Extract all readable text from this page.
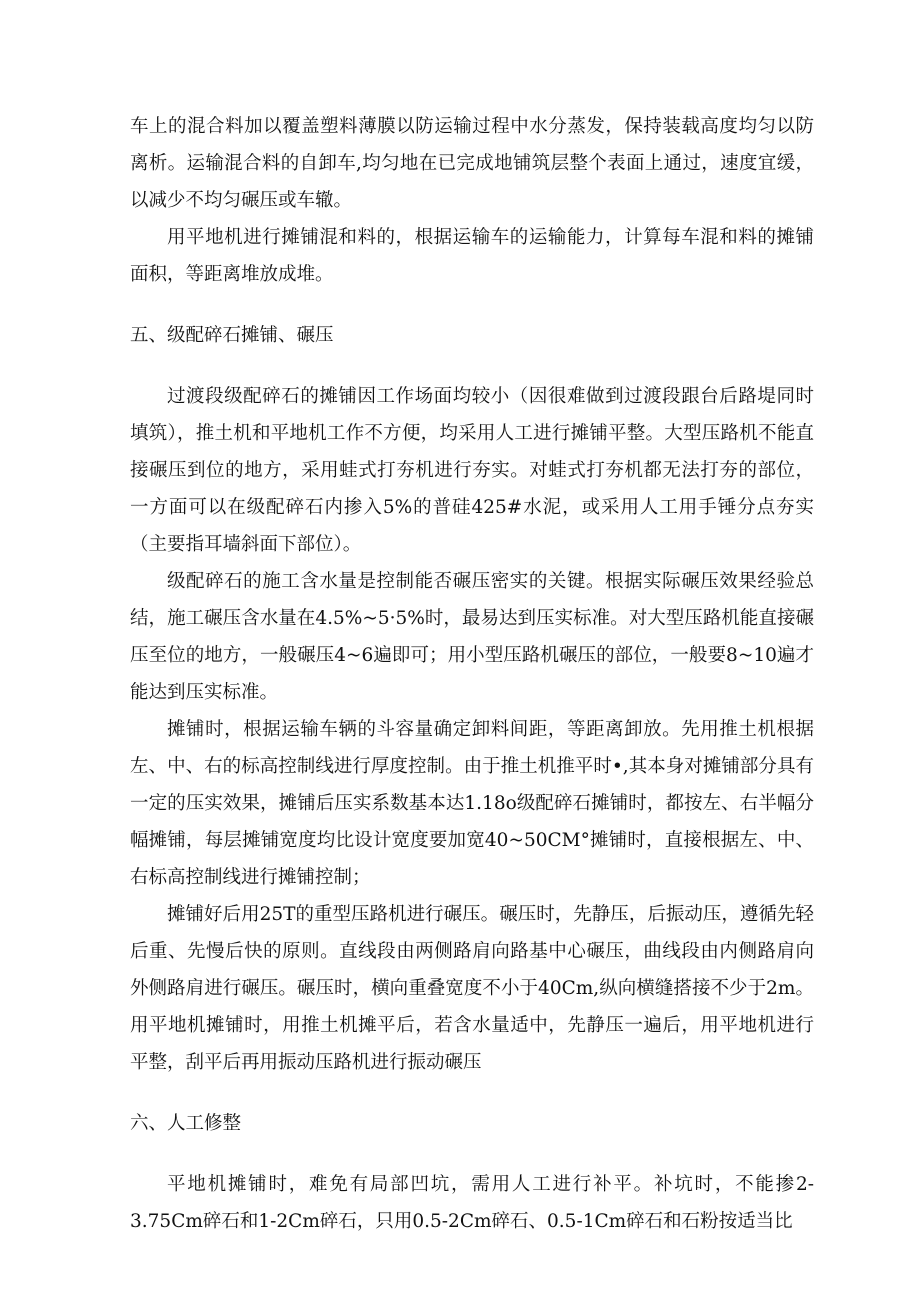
车上的混合料加以覆盖塑料薄膜以防运输过程中水分蒸发，保持装载高度均匀以防离析。运输混合料的自卸车,均匀地在已完成地铺筑层整个表面上通过，速度宜缓，以减少不均匀碾压或车辙。

用平地机进行摊铺混和料的，根据运输车的运输能力，计算每车混和料的摊铺面积，等距离堆放成堆。

五、级配碎石摊铺、碾压

过渡段级配碎石的摊铺因工作场面均较小（因很难做到过渡段跟台后路堤同时填筑），推土机和平地机工作不方便，均采用人工进行摊铺平整。大型压路机不能直接碾压到位的地方，采用蛙式打夯机进行夯实。对蛙式打夯机都无法打夯的部位，一方面可以在级配碎石内掺入5%的普硅425#水泥，或采用人工用手锤分点夯实（主要指耳墙斜面下部位）。

级配碎石的施工含水量是控制能否碾压密实的关键。根据实际碾压效果经验总结，施工碾压含水量在4.5%~5·5%时，最易达到压实标准。对大型压路机能直接碾压至位的地方，一般碾压4~6遍即可；用小型压路机碾压的部位，一般要8~10遍才能达到压实标准。

摊铺时，根据运输车辆的斗容量确定卸料间距，等距离卸放。先用推土机根据左、中、右的标高控制线进行厚度控制。由于推土机推平时•,其本身对摊铺部分具有一定的压实效果，摊铺后压实系数基本达1.18o级配碎石摊铺时，都按左、右半幅分幅摊铺，每层摊铺宽度均比设计宽度要加宽40~50CM°摊铺时，直接根据左、中、右标高控制线进行摊铺控制；

摊铺好后用25T的重型压路机进行碾压。碾压时，先静压，后振动压，遵循先轻后重、先慢后快的原则。直线段由两侧路肩向路基中心碾压，曲线段由内侧路肩向外侧路肩进行碾压。碾压时，横向重叠宽度不小于40Cm,纵向横缝搭接不少于2m。用平地机摊铺时，用推土机摊平后，若含水量适中，先静压一遍后，用平地机进行平整，刮平后再用振动压路机进行振动碾压

六、人工修整

平地机摊铺时，难免有局部凹坑，需用人工进行补平。补坑时，不能掺2-3.75Cm碎石和1-2Cm碎石，只用0.5-2Cm碎石、0.5-1Cm碎石和石粉按适当比
